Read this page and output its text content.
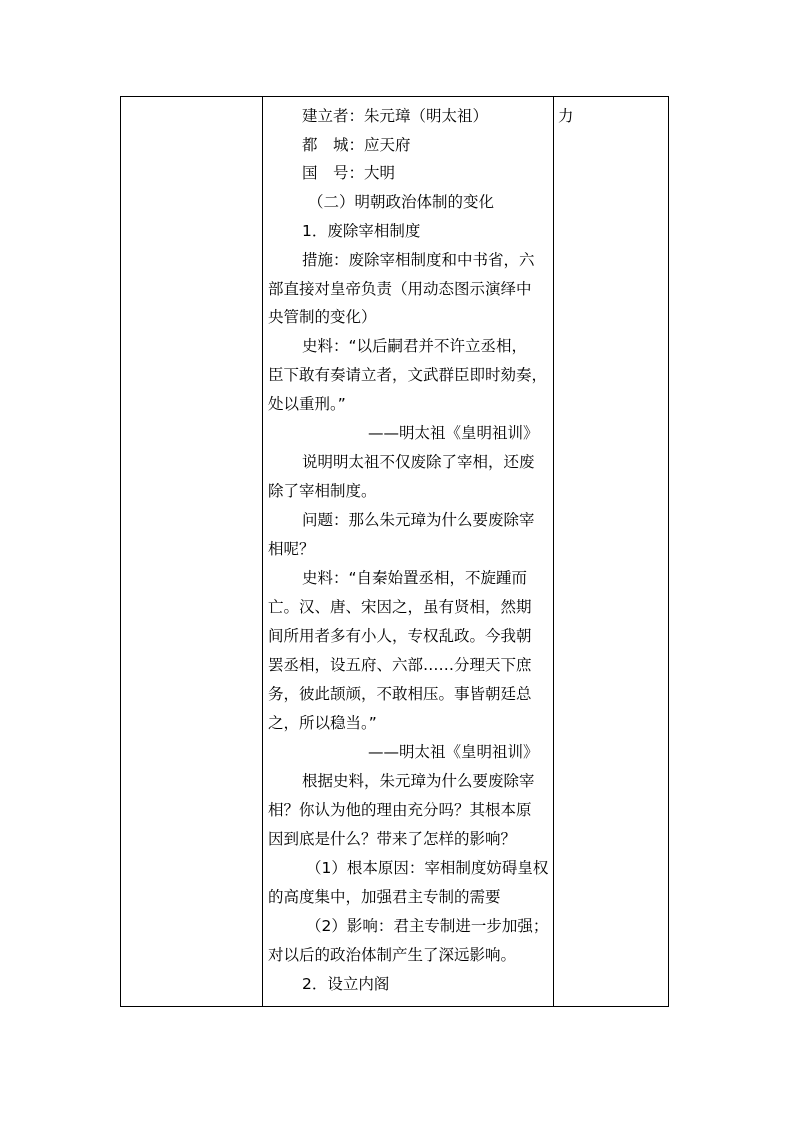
建立者：朱元璋（明太祖）
都　城：应天府
国　号：大明
（二）明朝政治体制的变化
1．废除宰相制度
措施：废除宰相制度和中书省，六
部直接对皇帝负责（用动态图示演绎中
央管制的变化）
史料：“以后嗣君并不许立丞相，
臣下敢有奏请立者，文武群臣即时劾奏，
处以重刑。”
——明太祖《皇明祖训》
说明明太祖不仅废除了宰相，还废
除了宰相制度。
问题：那么朱元璋为什么要废除宰
相呢？
史料：“自秦始置丞相，不旋踵而
亡。汉、唐、宋因之，虽有贤相，然期
间所用者多有小人，专权乱政。今我朝
罢丞相，设五府、六部……分理天下庶
务，彼此颉颃，不敢相压。事皆朝廷总
之，所以稳当。”
——明太祖《皇明祖训》
根据史料，朱元璋为什么要废除宰
相？你认为他的理由充分吗？其根本原
因到底是什么？带来了怎样的影响？
（1）根本原因：宰相制度妨碍皇权
的高度集中，加强君主专制的需要
（2）影响：君主专制进一步加强；
对以后的政治体制产生了深远影响。
2．设立内阁
力
